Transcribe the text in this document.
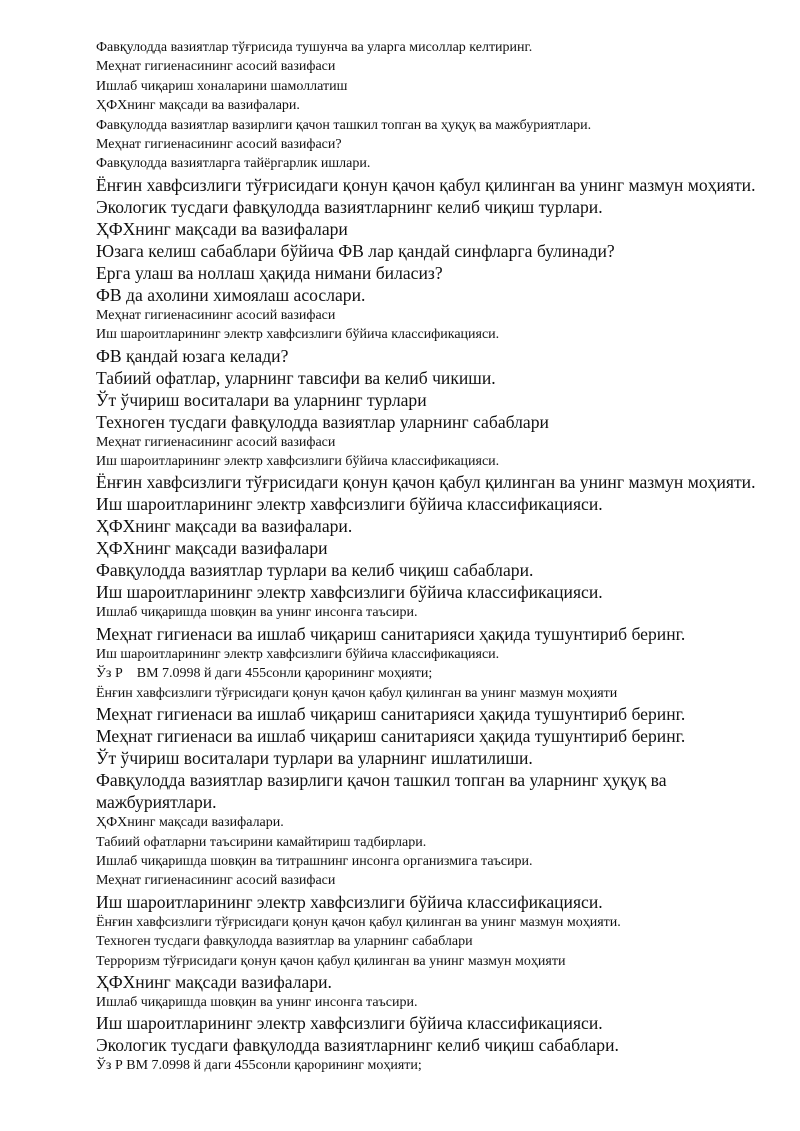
Фавқулодда вазиятлар тўғрисида тушунча ва уларга мисоллар келтиринг.
Меҳнат гигиенасининг асосий вазифаси
Ишлаб чиқариш хоналарини шамоллатиш
ҲФХнинг мақсади ва вазифалари.
Фавқулодда вазиятлар вазирлиги қачон ташкил топган ва ҳуқуқ ва мажбуриятлари.
Меҳнат гигиенасининг асосий вазифаси?
Фавқулодда вазиятларга тайёргарлик ишлари.
Ёнғин хавфсизлиги тўғрисидаги қонун қачон қабул қилинган ва унинг мазмун моҳияти.
Экологик тусдаги фавқулодда вазиятларнинг келиб чиқиш турлари.
ҲФХнинг мақсади ва вазифалари
Юзага келиш сабаблари бўйича ФВ лар қандай синфларга булинади?
Ерга улаш ва ноллаш ҳақида нимани биласиз?
ФВ да ахолини химоялаш асослари.
Меҳнат гигиенасининг асосий вазифаси
Иш шароитларининг электр хавфсизлиги бўйича классификацияси.
ФВ қандай юзага келади?
Табиий офатлар, уларнинг тавсифи ва келиб чикиши.
Ўт ўчириш воситалари ва уларнинг турлари
Техноген тусдаги фавқулодда вазиятлар уларнинг сабаблари
Меҳнат гигиенасининг асосий вазифаси
Иш шароитларининг электр хавфсизлиги бўйича классификацияси.
Ёнғин хавфсизлиги тўғрисидаги қонун қачон қабул қилинган ва унинг мазмун моҳияти.
Иш шароитларининг электр хавфсизлиги бўйича классификацияси.
ҲФХнинг мақсади ва вазифалари.
ҲФХнинг мақсади вазифалари
Фавқулодда вазиятлар турлари ва келиб чиқиш сабаблари.
Иш шароитларининг электр хавфсизлиги бўйича классификацияси.
Ишлаб чиқаришда шовқин ва унинг инсонга таъсири.
Меҳнат гигиенаси ва ишлаб чиқариш санитарияси ҳақида тушунтириб беринг.
Иш шароитларининг электр хавфсизлиги бўйича классификацияси.
Ўз Р    ВМ 7.0998 й даги 455сонли қарорининг моҳияти;
Ёнғин хавфсизлиги тўғрисидаги қонун қачон қабул қилинган ва унинг мазмун моҳияти
Меҳнат гигиенаси ва ишлаб чиқариш санитарияси ҳақида тушунтириб беринг.
Меҳнат гигиенаси ва ишлаб чиқариш санитарияси ҳақида тушунтириб беринг.
Ўт ўчириш воситалари турлари ва уларнинг ишлатилиши.
Фавқулодда вазиятлар вазирлиги қачон ташкил топган ва уларнинг ҳуқуқ ва мажбуриятлари.
ҲФХнинг мақсади вазифалари.
Табиий офатларни таъсирини камайтириш тадбирлари.
Ишлаб чиқаришда шовқин ва титрашнинг инсонга организмига таъсири.
Меҳнат гигиенасининг асосий вазифаси
Иш шароитларининг электр хавфсизлиги бўйича классификацияси.
Ёнғин хавфсизлиги тўғрисидаги қонун қачон қабул қилинган ва унинг мазмун моҳияти.
Техноген тусдаги фавқулодда вазиятлар ва уларнинг сабаблари
Терроризм тўғрисидаги қонун қачон қабул қилинган ва унинг мазмун моҳияти
ҲФХнинг мақсади вазифалари.
Ишлаб чиқаришда шовқин ва унинг инсонга таъсири.
Иш шароитларининг электр хавфсизлиги бўйича классификацияси.
Экологик тусдаги фавқулодда вазиятларнинг келиб чиқиш сабаблари.
Ўз Р ВМ 7.0998 й даги 455сонли қарорининг моҳияти;
